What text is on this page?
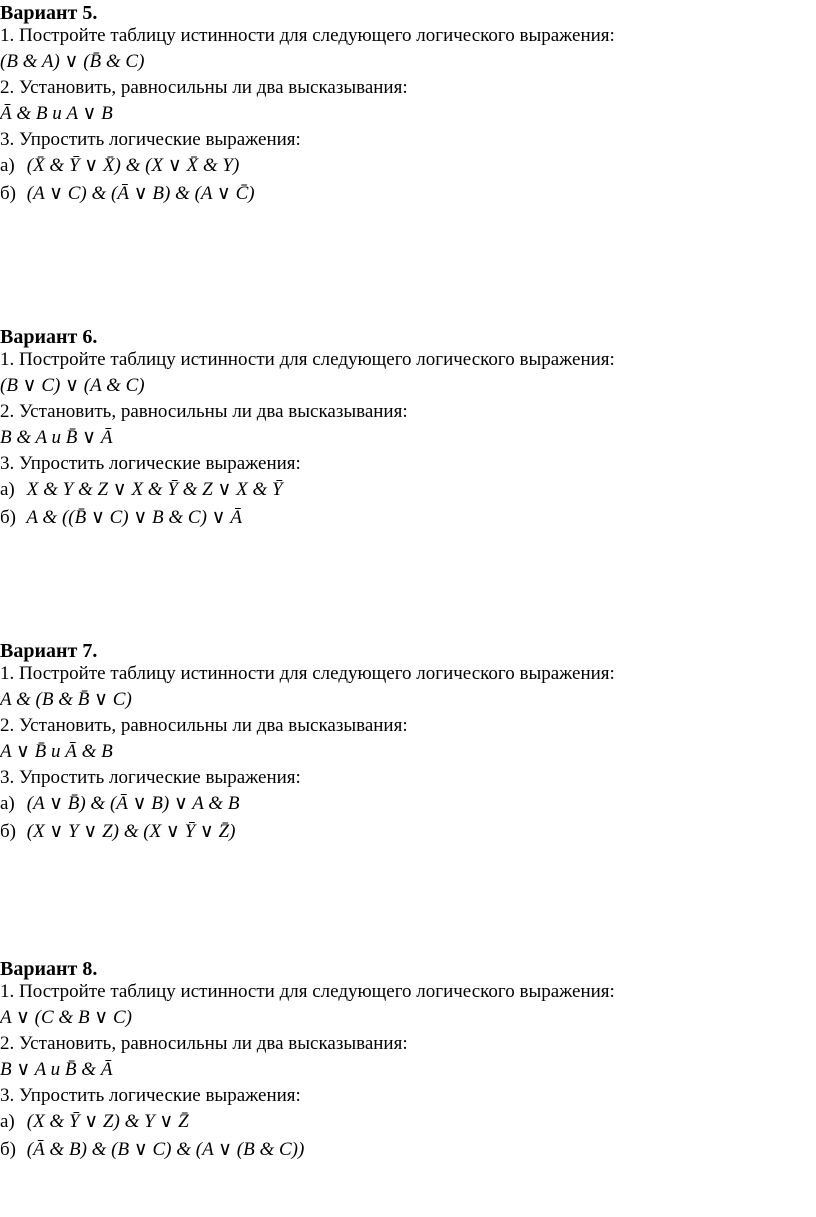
Вариант 5.
1. Постройте таблицу истинности для следующего логического выражения:
(B & A) ∨ (B̄ & C)
2. Установить, равносильны ли два высказывания:
Ā & B и A ∨ B
3. Упростить логические выражения:
а) (X̄ & Ȳ ∨ X̄) & (X ∨ X̄ & Y)
б) (A ∨ C) & (Ā ∨ B) & (A ∨ C̄)
Вариант 6.
1. Постройте таблицу истинности для следующего логического выражения:
(B ∨ C) ∨ (A & C)
2. Установить, равносильны ли два высказывания:
B & A и B̄ ∨ Ā
3. Упростить логические выражения:
а) X & Y & Z ∨ X & Ȳ & Z ∨ X & Ȳ
б) A & ((B̄ ∨ C) ∨ B & C) ∨ Ā
Вариант 7.
1. Постройте таблицу истинности для следующего логического выражения:
A & (B & B̄ ∨ C)
2. Установить, равносильны ли два высказывания:
A ∨ B̄ и Ā & B
3. Упростить логические выражения:
а) (A ∨ B̄) & (Ā ∨ B) ∨ A & B
б) (X ∨ Y ∨ Z) & (X ∨ Ȳ ∨ Z̄)
Вариант 8.
1. Постройте таблицу истинности для следующего логического выражения:
A ∨ (C & B ∨ C)
2. Установить, равносильны ли два высказывания:
B ∨ A и B̄ & Ā
3. Упростить логические выражения:
а) (X & Ȳ ∨ Z) & Y ∨ Z̄
б) (Ā & B) & (B ∨ C) & (A ∨ (B & C))
